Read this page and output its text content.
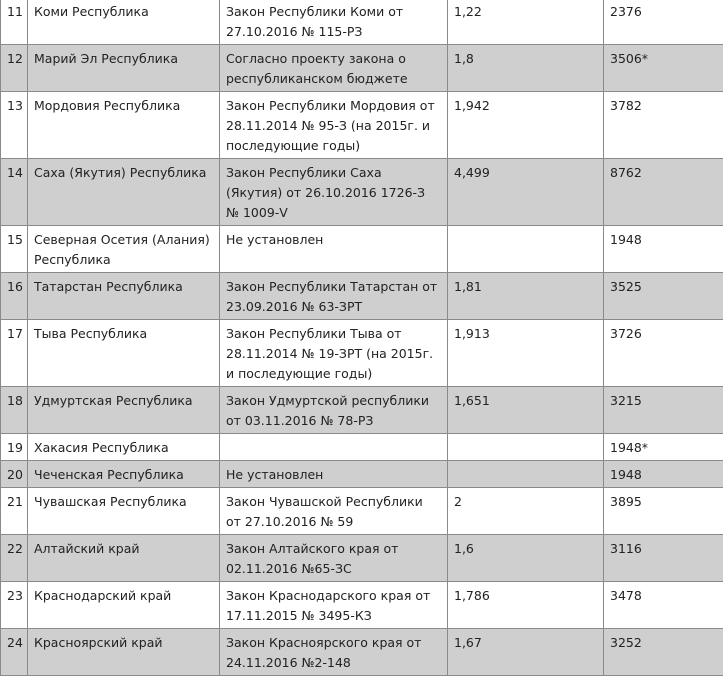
11	Коми Республика	Закон Республики Коми от 27.10.2016 № 115-РЗ	1,22	2376
12	Марий Эл Республика	Согласно проекту закона о республиканском бюджете	1,8	3506*
13	Мордовия Республика	Закон Республики Мордовия от 28.11.2014 № 95-З (на 2015г. и последующие годы)	1,942	3782
14	Саха (Якутия) Республика	Закон Республики Саха (Якутия) от 26.10.2016 1726-З № 1009-V	4,499	8762
15	Северная Осетия (Алания) Республика	Не установлен		1948
16	Татарстан Республика	Закон Республики Татарстан от 23.09.2016 № 63-ЗРТ	1,81	3525
17	Тыва Республика	Закон Республики Тыва от 28.11.2014 № 19-ЗРТ (на 2015г. и последующие годы)	1,913	3726
18	Удмуртская Республика	Закон Удмуртской республики от 03.11.2016 № 78-РЗ	1,651	3215
19	Хакасия Республика			1948*
20	Чеченская Республика	Не установлен		1948
21	Чувашская Республика	Закон Чувашской Республики от 27.10.2016 № 59	2	3895
22	Алтайский край	Закон Алтайского края от 02.11.2016 №65-ЗС	1,6	3116
23	Краснодарский край	Закон Краснодарского края от 17.11.2015 № 3495-КЗ	1,786	3478
24	Красноярский край	Закон Красноярского края от 24.11.2016 №2-148	1,67	3252
